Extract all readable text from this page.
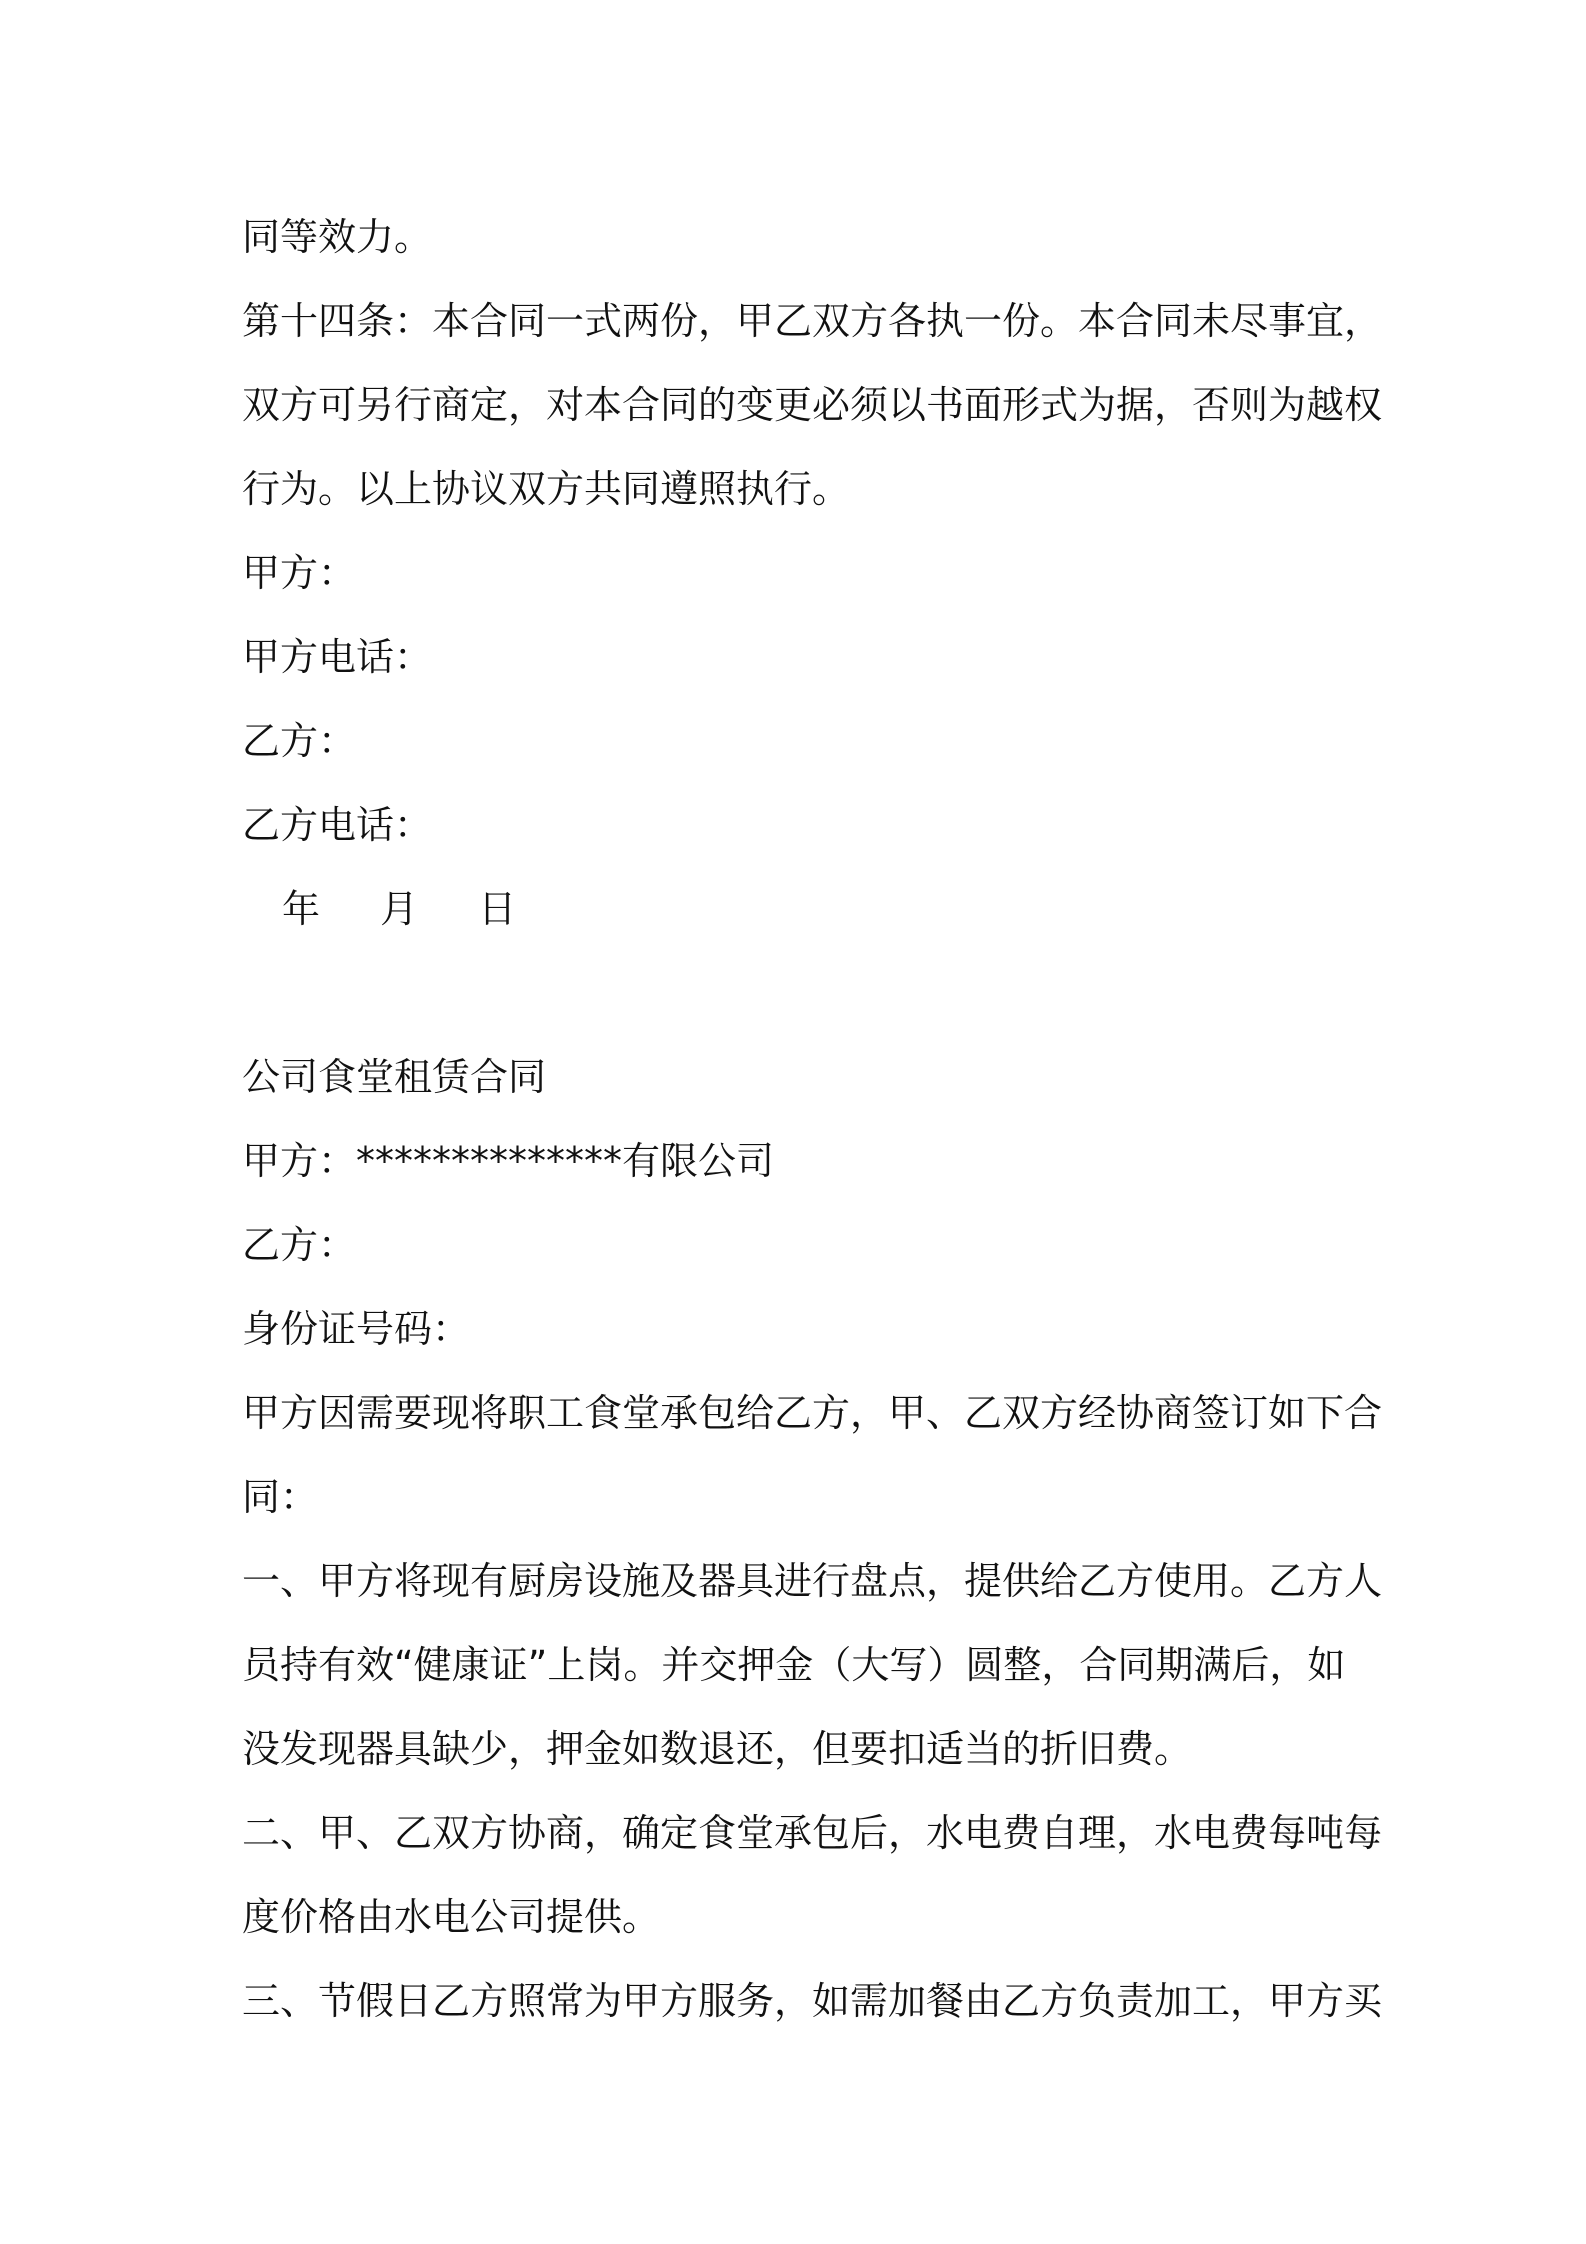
同等效力。
第十四条：本合同一式两份，甲乙双方各执一份。本合同未尽事宜，
双方可另行商定，对本合同的变更必须以书面形式为据，否则为越权
行为。以上协议双方共同遵照执行。
甲方：
甲方电话：
乙方：
乙方电话：
年 月 日
公司食堂租赁合同
甲方：**************有限公司
乙方：
身份证号码：
甲方因需要现将职工食堂承包给乙方，甲、乙双方经协商签订如下合
同：
一、甲方将现有厨房设施及器具进行盘点，提供给乙方使用。乙方人
员持有效“健康证”上岗。并交押金（大写）圆整，合同期满后，如
没发现器具缺少，押金如数退还，但要扣适当的折旧费。
二、甲、乙双方协商，确定食堂承包后，水电费自理，水电费每吨每
度价格由水电公司提供。
三、节假日乙方照常为甲方服务，如需加餐由乙方负责加工，甲方买
